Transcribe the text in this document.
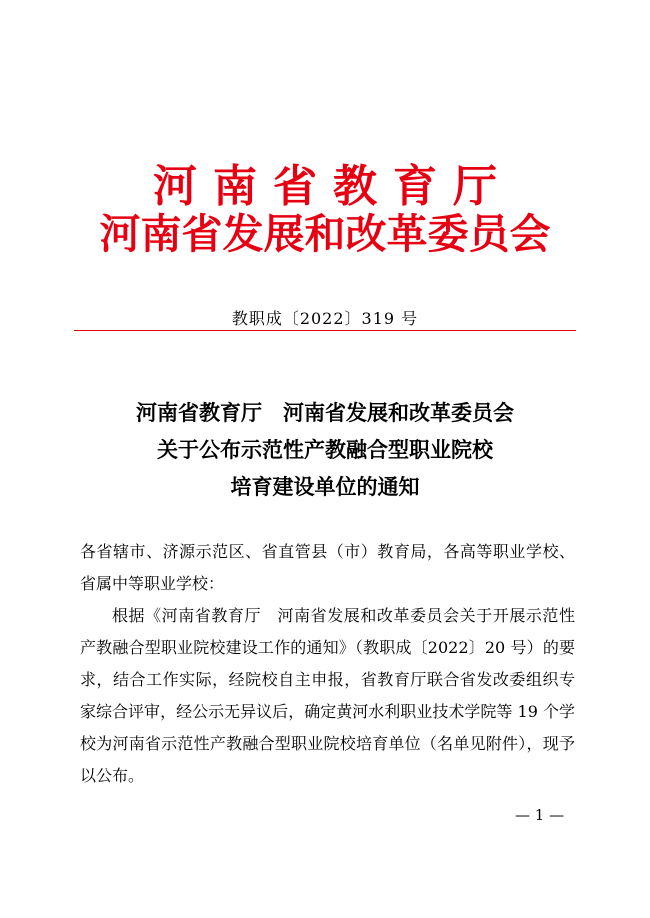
河南省教育厅
河南省发展和改革委员会
教职成〔2022〕319 号
河南省教育厅　河南省发展和改革委员会
关于公布示范性产教融合型职业院校
培育建设单位的通知
各省辖市、济源示范区、省直管县（市）教育局，各高等职业学校、省属中等职业学校：
根据《河南省教育厅　河南省发展和改革委员会关于开展示范性产教融合型职业院校建设工作的通知》（教职成〔2022〕20 号）的要求，结合工作实际，经院校自主申报，省教育厅联合省发改委组织专家综合评审，经公示无异议后，确定黄河水利职业技术学院等 19 个学校为河南省示范性产教融合型职业院校培育单位（名单见附件），现予以公布。
— 1 —
